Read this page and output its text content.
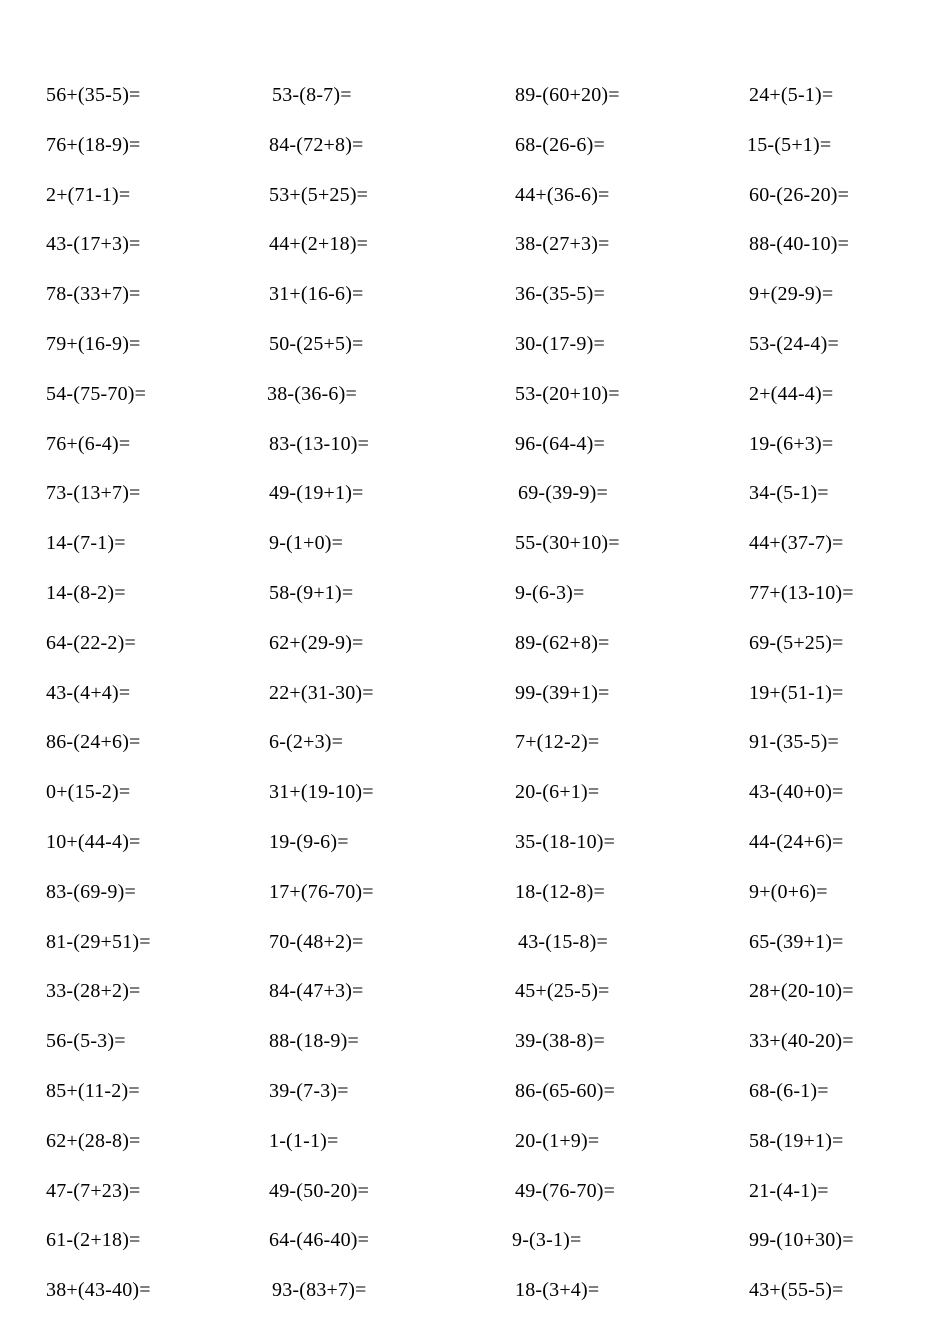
56+(35-5)=	53-(8-7)=	89-(60+20)=	24+(5-1)=
76+(18-9)=	84-(72+8)=	68-(26-6)=	15-(5+1)=
2+(71-1)=	53+(5+25)=	44+(36-6)=	60-(26-20)=
43-(17+3)=	44+(2+18)=	38-(27+3)=	88-(40-10)=
78-(33+7)=	31+(16-6)=	36-(35-5)=	9+(29-9)=
79+(16-9)=	50-(25+5)=	30-(17-9)=	53-(24-4)=
54-(75-70)=	38-(36-6)=	53-(20+10)=	2+(44-4)=
76+(6-4)=	83-(13-10)=	96-(64-4)=	19-(6+3)=
73-(13+7)=	49-(19+1)=	69-(39-9)=	34-(5-1)=
14-(7-1)=	9-(1+0)=	55-(30+10)=	44+(37-7)=
14-(8-2)=	58-(9+1)=	9-(6-3)=	77+(13-10)=
64-(22-2)=	62+(29-9)=	89-(62+8)=	69-(5+25)=
43-(4+4)=	22+(31-30)=	99-(39+1)=	19+(51-1)=
86-(24+6)=	6-(2+3)=	7+(12-2)=	91-(35-5)=
0+(15-2)=	31+(19-10)=	20-(6+1)=	43-(40+0)=
10+(44-4)=	19-(9-6)=	35-(18-10)=	44-(24+6)=
83-(69-9)=	17+(76-70)=	18-(12-8)=	9+(0+6)=
81-(29+51)=	70-(48+2)=	43-(15-8)=	65-(39+1)=
33-(28+2)=	84-(47+3)=	45+(25-5)=	28+(20-10)=
56-(5-3)=	88-(18-9)=	39-(38-8)=	33+(40-20)=
85+(11-2)=	39-(7-3)=	86-(65-60)=	68-(6-1)=
62+(28-8)=	1-(1-1)=	20-(1+9)=	58-(19+1)=
47-(7+23)=	49-(50-20)=	49-(76-70)=	21-(4-1)=
61-(2+18)=	64-(46-40)=	9-(3-1)=	99-(10+30)=
38+(43-40)=	93-(83+7)=	18-(3+4)=	43+(55-5)=
